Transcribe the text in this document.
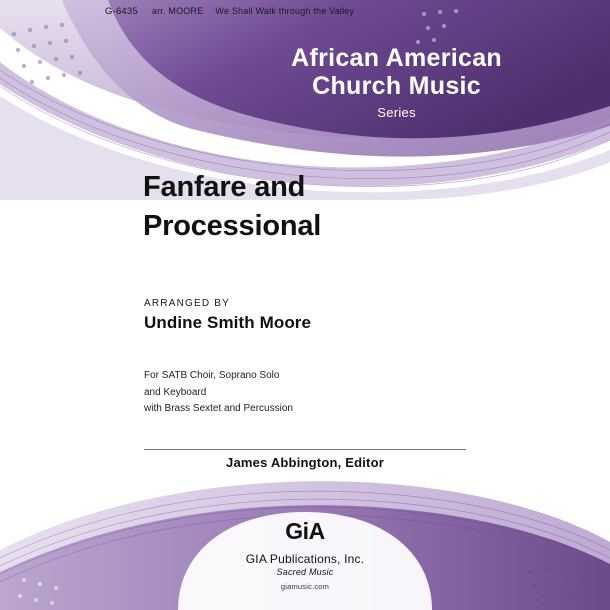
G-6435 arr. MOORE We Shall Walk through the Valley
African American
Church Music
Series
Fanfare and
Processional
ARRANGED BY
Undine Smith Moore
For SATB Choir, Soprano Solo
and Keyboard
with Brass Sextet and Percussion
James Abbington, Editor
GiA
GIA Publications, Inc.
Sacred Music
giamusic.com
